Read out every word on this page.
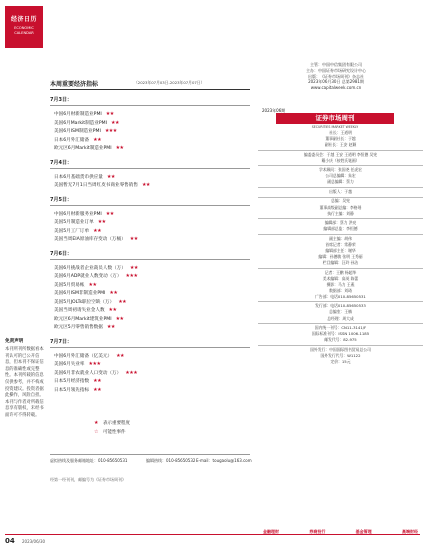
经济日历
ECONOMIC CALENDAR
免责声明
本刊所刊所数据看本刊认可的已公开信息，但本刊不保证信息的准确性或完整性。本刊所载的信息仅供参考，并不构成投资建议。投资者据此操作，风险自担。本刊与作者对所载信息享有版权，未经书面许可不得转载。
本周重要经济指标	（2023年07月03日-2023年07月07日）
7月3日：
中国6月财新制造业PMI ★★
美国6月Markit制造业PMI ★★
美国6月ISM制造业PMI ★★★
日本6月外汇储备 ★★
欧元区6月Markit制造业PMI ★★
7月4日：
日本6月基础货币供应量 ★★
美国暂无7月1日当周红皮书商业零售销售 ★★
7月5日：
中国6月财新服务业PMI ★★
美国5月制造业订单 ★★
美国5月工厂订单 ★★
美国当周EIA原油库存变动（万桶） ★★
7月6日：
美国6月挑战者企业裁员人数（万） ★★
美国6月ADP就业人数变动（万） ★★★
美国5月贸易帐 ★★
美国6月ISM非制造业PMI ★★
美国5月JOLTs职位空缺（万） ★★
美国当周初请失业金人数 ★★
欧元区6月Markit建筑业PMI ★★
欧元区5月零售销售数据 ★★
7月7日：
中国6月外汇储备（亿美元） ★★
美国6月失业率 ★★★
美国6月非农就业人口变动（万） ★★★
日本5月经济指数 ★★
日本5月领先指标 ★★
★	表示重要程度
☆	可能性事件
虚拟热线及服务邮箱地址：010-85650531	编辑热线：010-85650532 E-mail：tougaolu@163.com
经第一经刊刊，邮编号为《证券市场周刊》

主管：中国中信集团有限公司

主办：中国证券市场研究设计中心

出版：《证券市场周刊》杂志社

2023年06月30日 总第2981期

www.capitalweek.com.cn

2023年06期
证券市场周刊
SECURITIES MARKET WEEKLY
社长：王道明
董事副社长：于越
副社长：王安 赵颖
编委委员会：于越 王安 王道明 李恒德 吴宪
戴小庆（按姓氏笔画）
学术顾问：张国尧 任虎宏
公司总编辑：朱宏
副总编辑：蔡力
出版人：于越
总编：吴宪
董事高级副总编：李格瑶
执行主编：刘静
编辑部：蔡力 洪亮
编辑部总监：李恒德
副主编：胡伟
首席记者：常静荣
编辑部主任：谢华
编辑：孙德敏 张明 王秀丽
栏目编辑：汪玲 孙洁
记者：王鹏 杨超华
美术编辑：高英 陈蕾
摄影：马力 王燕
数据部：刘琦
广告部：电话010-85650531
发行部：电话010-85650533
总编室：王楠
总经理：周大成
国内统一刊号：CN11-3141/F
国际标准刊号：ISSN 1006-1185
邮发代号：82-975
国外发行：中国国际图书贸易总公司
国外发行代号：W1122
定价：15元
金融理财	券商投行	基金管理	高端财经
04 2023/06/30
